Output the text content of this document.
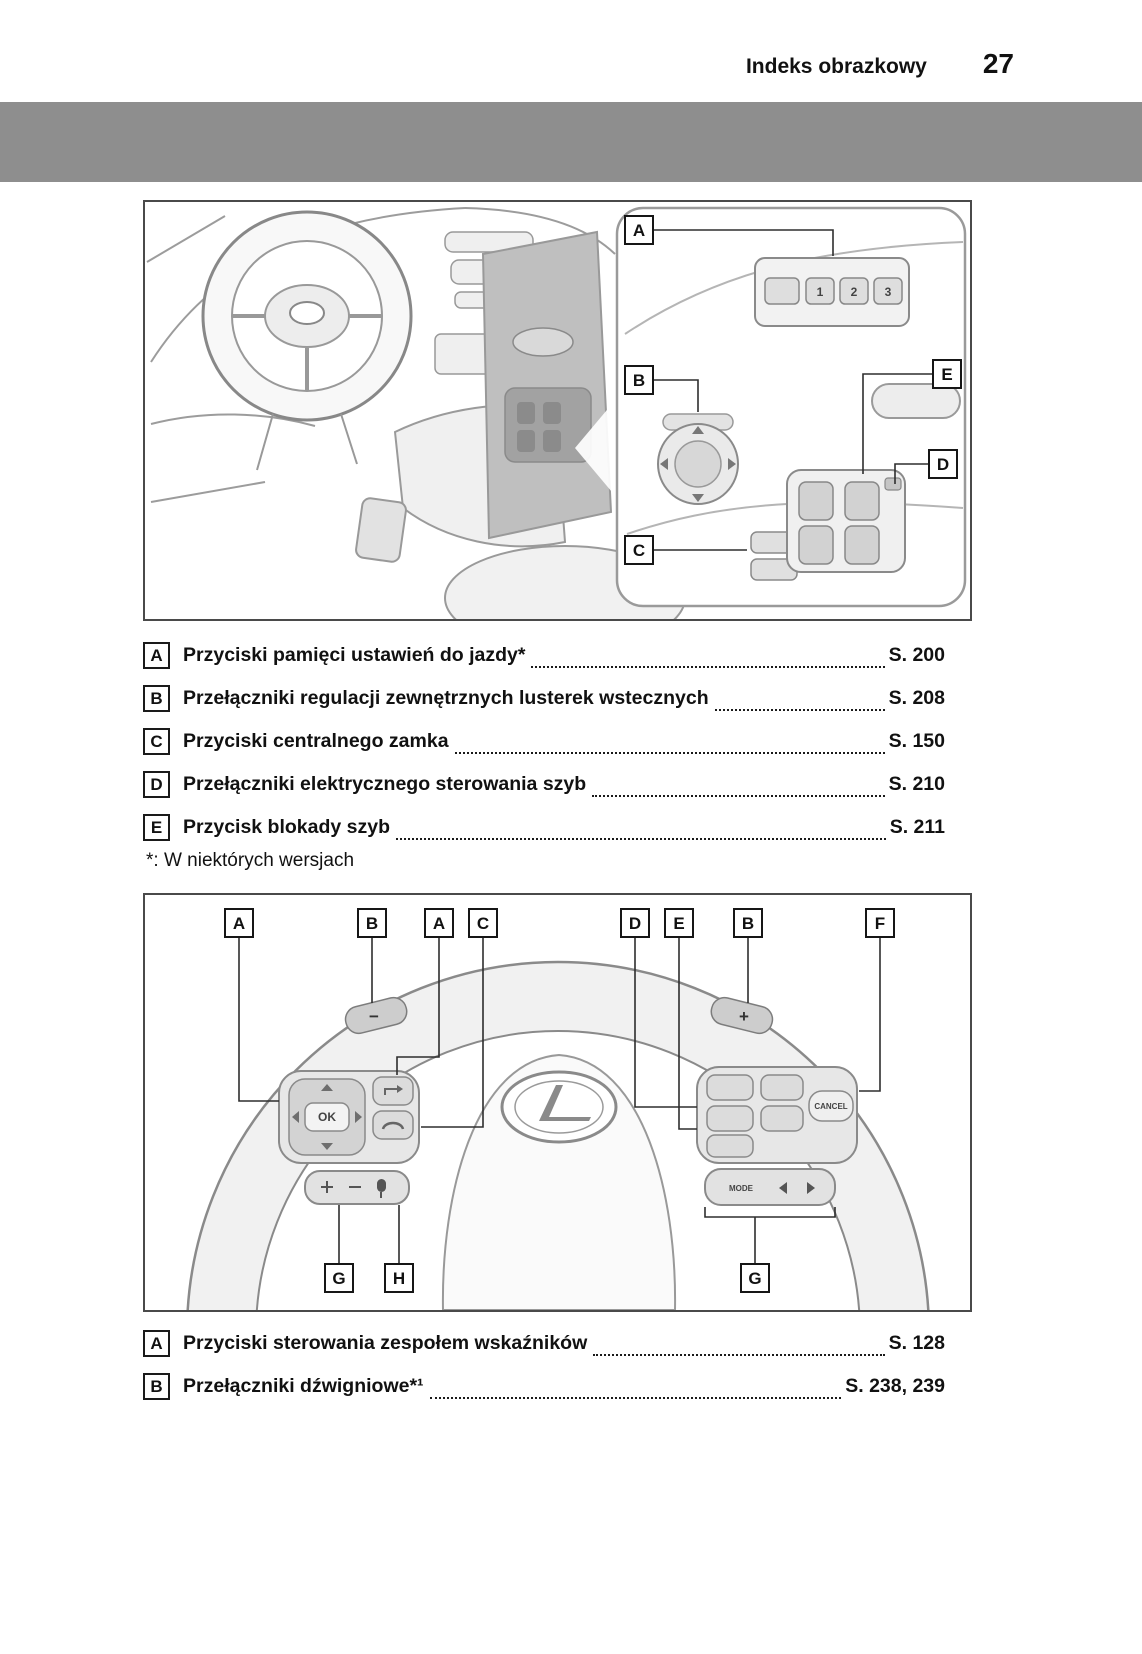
Indeks obrazkowy 27
1 2 3
A
B
C
D
E
A	Przyciski pamięci ustawień do jazdy*	S. 200
B	Przełączniki regulacji zewnętrznych lusterek wstecznych	S. 208
C	Przyciski centralnego zamka	S. 150
D	Przełączniki elektrycznego sterowania szyb	S. 210
E	Przycisk blokady szyb	S. 211
*: W niektórych wersjach
−	+
OK
CANCEL
MODE
A	B	A C	D E	B	F
G	H	G
A	Przyciski sterowania zespołem wskaźników	S. 128
B	Przełączniki dźwigniowe*¹	S. 238, 239
